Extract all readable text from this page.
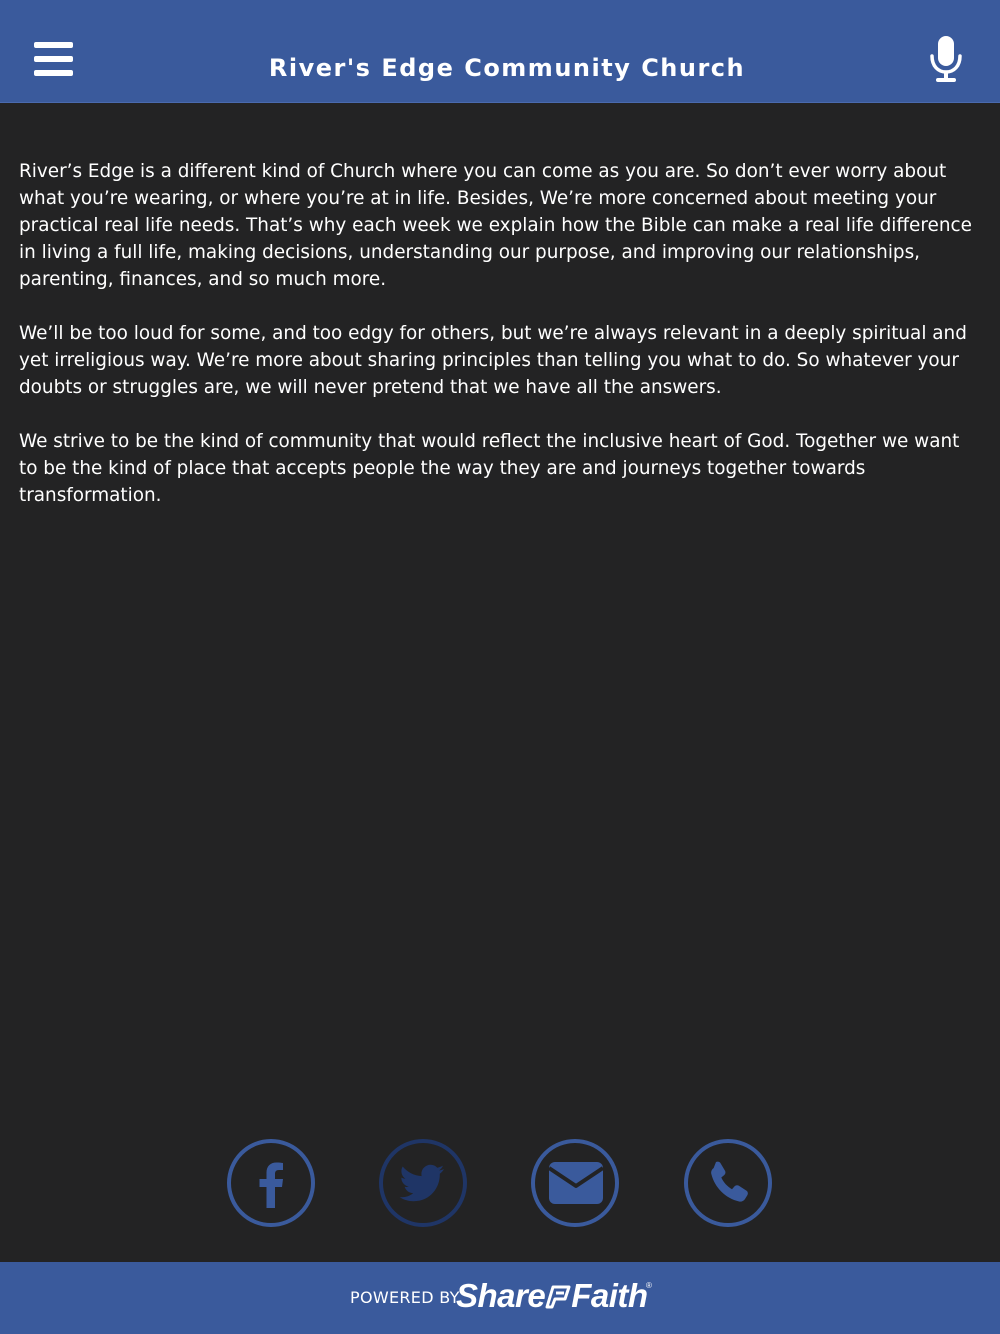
River's Edge Community Church

River’s Edge is a different kind of Church where you can come as you are. So don’t ever worry about what you’re wearing, or where you’re at in life. Besides, We’re more concerned about meeting your practical real life needs. That’s why each week we explain how the Bible can make a real life difference in living a full life, making decisions, understanding our purpose, and improving our relationships, parenting, finances, and so much more.

We’ll be too loud for some, and too edgy for others, but we’re always relevant in a deeply spiritual and yet irreligious way. We’re more about sharing principles than telling you what to do. So whatever your doubts or struggles are, we will never pretend that we have all the answers.

We strive to be the kind of community that would reflect the inclusive heart of God. Together we want to be the kind of place that accepts people the way they are and journeys together towards transformation.

POWERED BY
Share Faith
®
